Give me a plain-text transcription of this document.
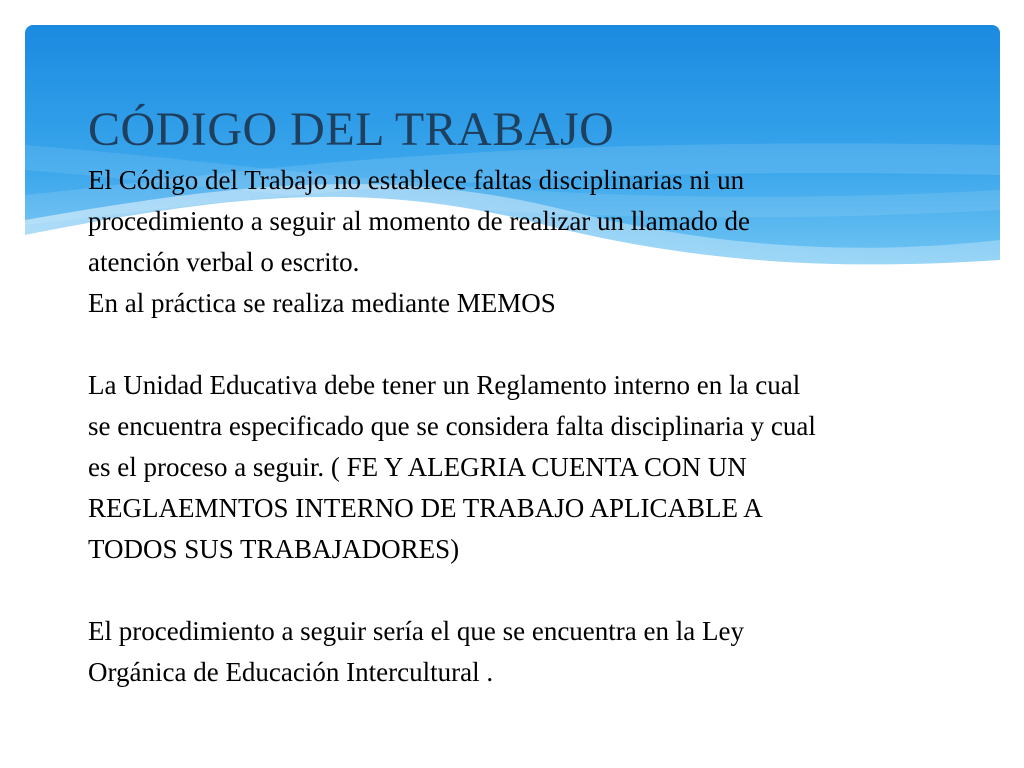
CÓDIGO DEL TRABAJO

El Código del Trabajo no establece faltas disciplinarias ni un

procedimiento a seguir al momento de realizar un llamado de

atención verbal o escrito.

En al práctica se realiza mediante MEMOS

La Unidad Educativa debe tener un Reglamento interno en la cual

se encuentra especificado que se considera falta disciplinaria y cual

es el proceso a seguir. ( FE Y ALEGRIA CUENTA CON UN

REGLAEMNTOS INTERNO DE TRABAJO APLICABLE A

TODOS SUS TRABAJADORES)

El procedimiento a seguir sería el que se encuentra en la Ley

Orgánica de Educación Intercultural .
